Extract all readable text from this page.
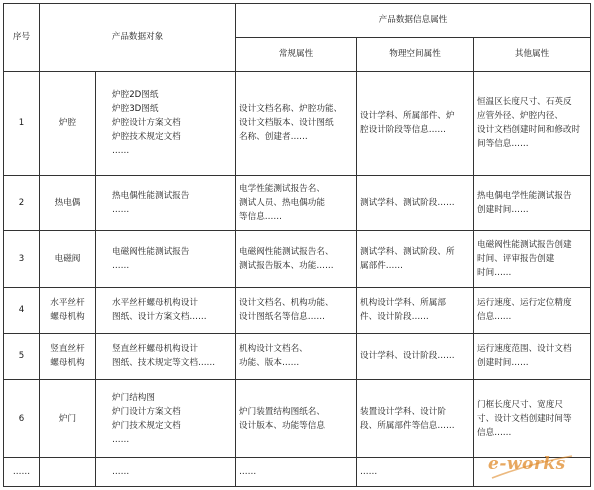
序号	产品数据对象		产品数据信息属性		
			常规属性	物理空间属性	其他属性
1	炉腔	炉腔2D图纸
炉腔3D图纸
炉腔设计方案文档
炉腔技术规定文档
……	设计文档名称、炉腔功能、
设计文档版本、设计图纸
名称、创建者……	设计学科、所属部件、炉
腔设计阶段等信息……	恒温区长度尺寸、石英反
应管外径、炉腔内径、
设计文档创建时间和修改时
间等信息……

2	热电偶	热电偶性能测试报告
……	电学性能测试报告名、
测试人员、热电偶功能
等信息……	测试学科、测试阶段……	热电偶电学性能测试报告
创建时间……

3	电磁阀	电磁阀性能测试报告
……	电磁阀性能测试报告名、
测试报告版本、功能……	测试学科、测试阶段、所
属部件……	电磁阀性能测试报告创建
时间、评审报告创建
时间……

4	水平丝杆
螺母机构	水平丝杆螺母机构设计
图纸、设计方案文档……	设计文档名、机构功能、
设计图纸名等信息……	机构设计学科、所属部
件、设计阶段……	运行速度、运行定位精度
信息……

5	竖直丝杆
螺母机构	竖直丝杆螺母机构设计
图纸、技术规定等文档……	机构设计文档名、
功能、版本……	设计学科、设计阶段……	运行速度范围、设计文档
创建时间……

6	炉门	炉门结构图
炉门设计方案文档
炉门技术规定文档
……	炉门装置结构图纸名、
设计版本、功能等信息	装置设计学科、设计阶
段、所属部件等信息……	门框长度尺寸、宽度尺
寸、设计文档创建时间等
信息……

……		……	……	……	
		e-works
